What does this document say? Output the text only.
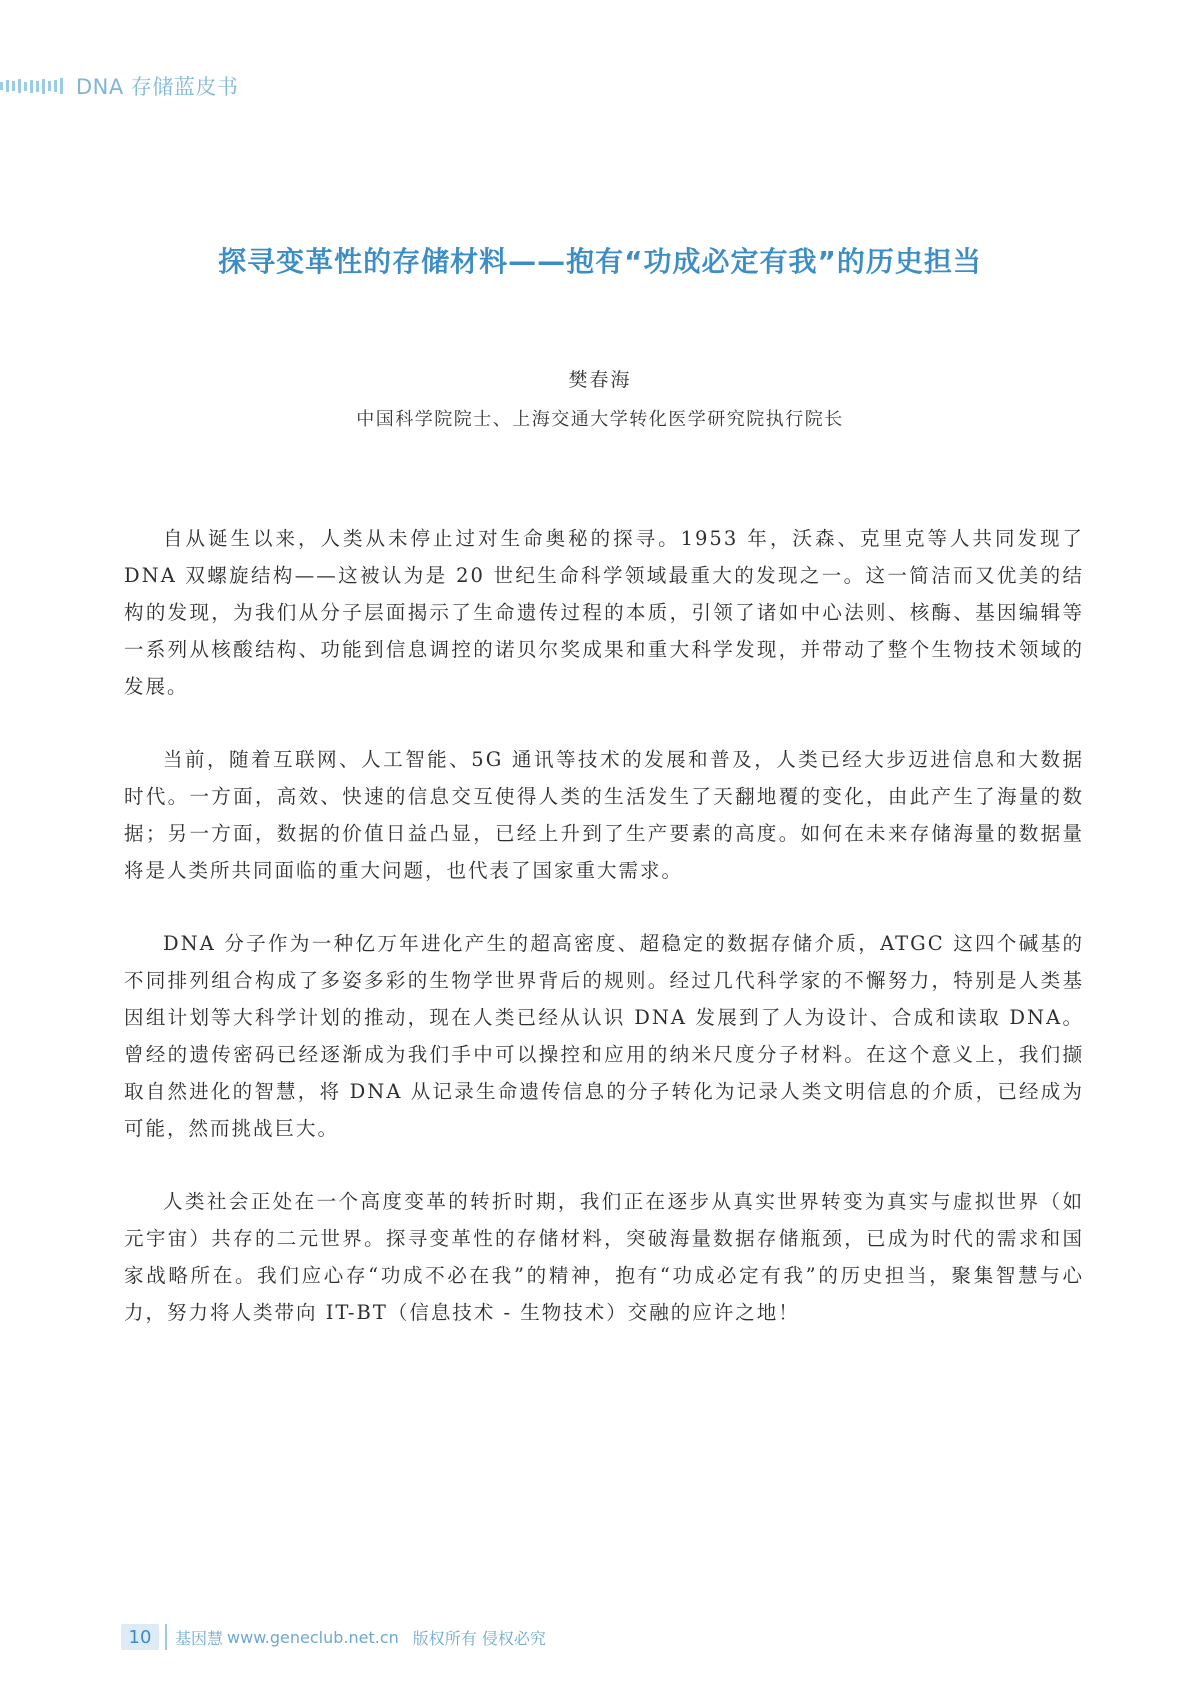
DNA 存储蓝皮书
探寻变革性的存储材料——抱有“功成必定有我”的历史担当
樊春海
中国科学院院士、上海交通大学转化医学研究院执行院长

自从诞生以来，人类从未停止过对生命奥秘的探寻。1953 年，沃森、克里克等人共同发现了 DNA 双螺旋结构——这被认为是 20 世纪生命科学领域最重大的发现之一。这一简洁而又优美的结构的发现，为我们从分子层面揭示了生命遗传过程的本质，引领了诸如中心法则、核酶、基因编辑等一系列从核酸结构、功能到信息调控的诺贝尔奖成果和重大科学发现，并带动了整个生物技术领域的发展。

当前，随着互联网、人工智能、5G 通讯等技术的发展和普及，人类已经大步迈进信息和大数据时代。一方面，高效、快速的信息交互使得人类的生活发生了天翻地覆的变化，由此产生了海量的数据；另一方面，数据的价值日益凸显，已经上升到了生产要素的高度。如何在未来存储海量的数据量将是人类所共同面临的重大问题，也代表了国家重大需求。

DNA 分子作为一种亿万年进化产生的超高密度、超稳定的数据存储介质，ATGC 这四个碱基的不同排列组合构成了多姿多彩的生物学世界背后的规则。经过几代科学家的不懈努力，特别是人类基因组计划等大科学计划的推动，现在人类已经从认识 DNA 发展到了人为设计、合成和读取 DNA。曾经的遗传密码已经逐渐成为我们手中可以操控和应用的纳米尺度分子材料。在这个意义上，我们撷取自然进化的智慧，将 DNA 从记录生命遗传信息的分子转化为记录人类文明信息的介质，已经成为可能，然而挑战巨大。

人类社会正处在一个高度变革的转折时期，我们正在逐步从真实世界转变为真实与虚拟世界（如元宇宙）共存的二元世界。探寻变革性的存储材料，突破海量数据存储瓶颈，已成为时代的需求和国家战略所在。我们应心存“功成不必在我”的精神，抱有“功成必定有我”的历史担当，聚集智慧与心力，努力将人类带向 IT-BT（信息技术 - 生物技术）交融的应许之地！

10	基因慧 www.geneclub.net.cn 版权所有 侵权必究
